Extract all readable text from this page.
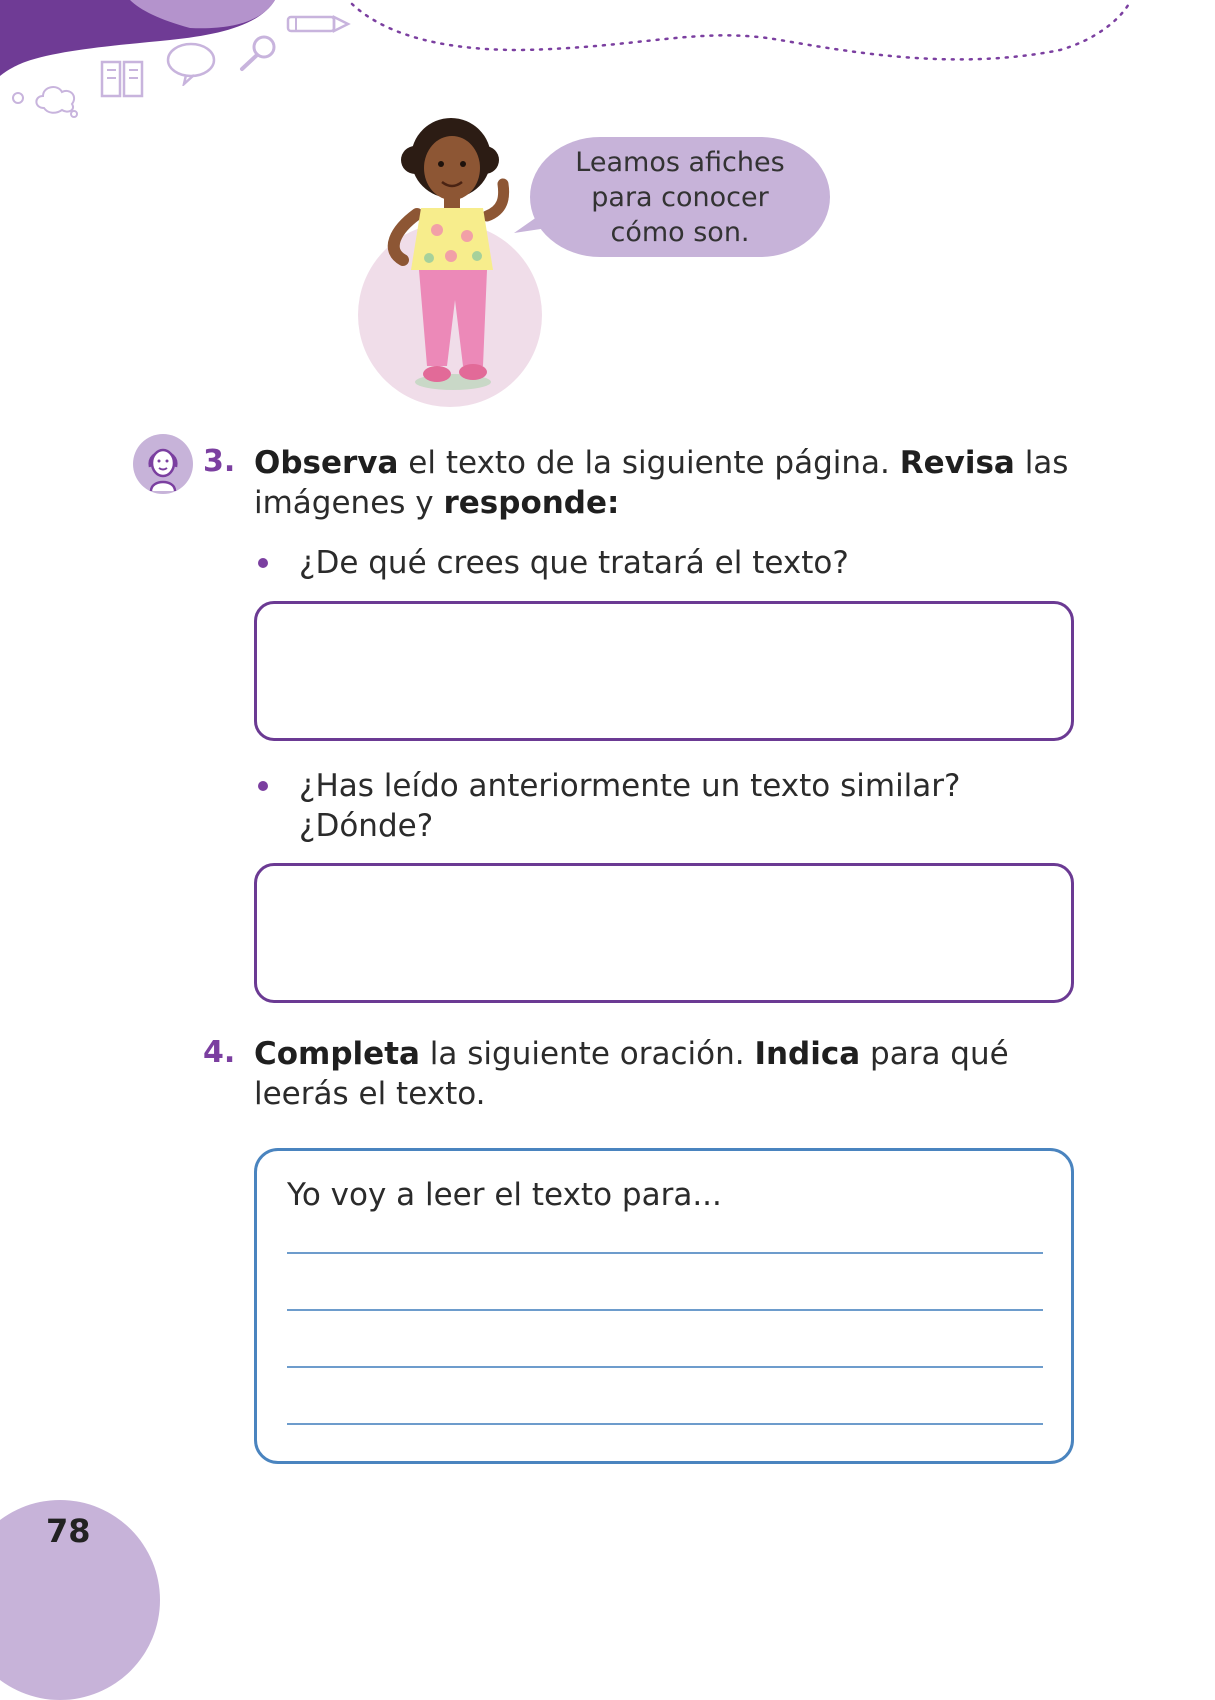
Leamos afiches
para conocer
cómo son.
3. Observa el texto de la siguiente página. Revisa las
imágenes y responde:
¿De qué crees que tratará el texto?
¿Has leído anteriormente un texto similar?
¿Dónde?
4. Completa la siguiente oración. Indica para qué
leerás el texto.
Yo voy a leer el texto para...
78
